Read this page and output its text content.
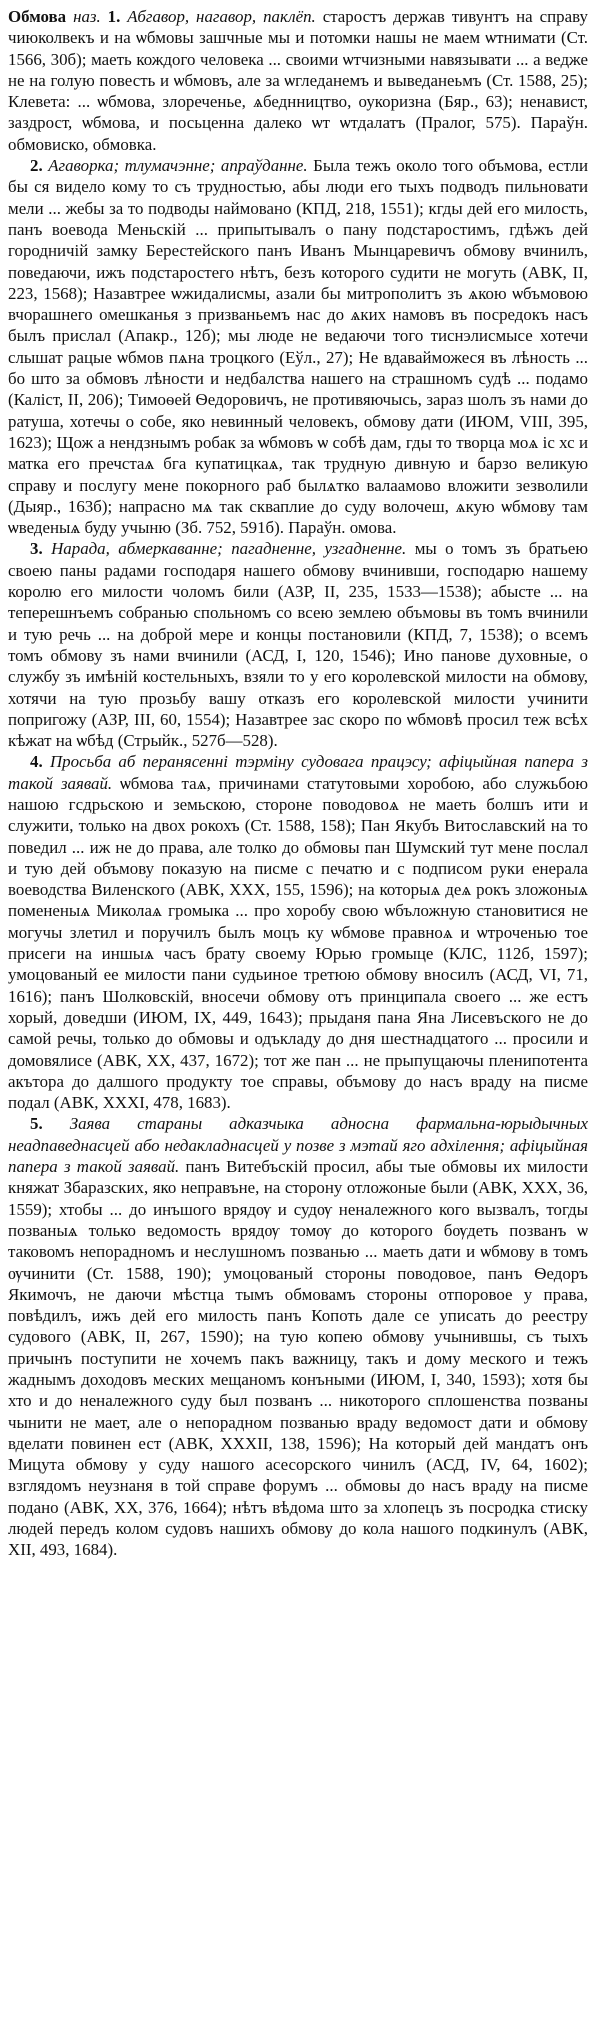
Обмова наз. 1. Абгавор, нагавор, паклёп. старостъ держав тивунтъ на справу чиюколвекъ и на ѡбмовы зашчные мы и потомки нашы не маем ѡтнимати (Ст. 1566, 30б); маеть кождого человека ... своими ѡтчизными навязывати ... а ведже не на голую повесть и ѡбмовъ, але за ѡгледанемъ и выведанеьмъ (Ст. 1588, 25); Клевета: ... ѡбмова, злореченье, ѧбеднництво, оукоризна (Бяр., 63); ненавист, заздрост, ѡбмова, и посьценна далеко ѡт ѡтдалатъ (Пралог, 575). Параўн. обмовиско, обмовка.

2. Агаворка; тлумачэнне; апраўданне. Была тежъ около того объмова, естли бы ся видело кому то съ трудностью, абы люди его тыхъ подводъ пильновати мели ... жебы за то подводы наймовано (КПД, 218, 1551); кгды дей его милость, панъ воевода Меньскій ... припытывалъ о пану подстаростимъ, гдѣжъ дей городничій замку Берестейского панъ Иванъ Мынцаревичъ обмову вчинилъ, поведаючи, ижъ подстаростего нѣтъ, безъ которого судити не могуть (АВК, II, 223, 1568); Назавтрее ѡжидалисмы, азали бы митрополитъ зъ ѧкою ѡбъмовою вчорашнего омешканья з призваньемъ нас до ѧких намовъ въ посредокъ насъ былъ прислал (Апакр., 12б); мы люде не ведаючи того тиснэлисмысе хотечи слышат рацые ѡбмов пѧна троцкого (Еўл., 27); Не вдавайможеся въ лѣность ... бо што за обмовъ лѣности и недбалства нашего на страшномъ судѣ ... подамо (Каліст, II, 206); Тимоѳей Ѳедоровичъ, не противяючысь, зараз шолъ зъ нами до ратуша, хотечы о собе, яко невинный человекъ, обмову дати (ИЮМ, VIII, 395, 1623); Щож а нендзнымъ робак за ѡбмовъ ѡ собѣ дам, гды то творца моѧ іс хс и матка его пречстаѧ бга купатицкаѧ, так трудную дивную и барзо великую справу и послугу мене покорного раб былѧтко валаамово вложити зезволили (Дыяр., 163б); напрасно мѧ так скваплие до суду волочеш, ѧкую ѡбмову там ѡведеныѧ буду учыню (Зб. 752, 591б). Параўн. омова.

3. Нарада, абмеркаванне; пагадненне, узгадненне. мы о томъ зъ братьею своею паны радами господаря нашего обмову вчинивши, господарю нашему королю его милости чоломъ били (АЗР, II, 235, 1533—1538); абысте ... на теперешнъемъ собранью спольномъ со всею землею объмовы въ томъ вчинили и тую речь ... на доброй мере и концы постановили (КПД, 7, 1538); о всемъ томъ обмову зъ нами вчинили (АСД, I, 120, 1546); Ино панове духовные, о службу зъ имѣній костельныхъ, взяли то у его королевской милости на обмову, хотячи на тую прозьбу вашу отказъ его королевской милости учинити попригожу (АЗР, III, 60, 1554); Назавтрее зас скоро по ѡбмовѣ просил теж всѣх кѣжат на ѡбѣд (Стрыйк., 527б—528).

4. Просьба аб перанясенні тэрміну судовага працэсу; афіцыйная папера з такой заявай. ѡбмова таѧ, причинами статутовыми хоробою, або служьбою нашою гсдрьскою и земьскою, стороне поводовоѧ не маеть болшъ ити и служити, только на двох рокохъ (Ст. 1588, 158); Пан Якубъ Витославский на то поведил ... иж не до права, але толко до обмовы пан Шумский тут мене послал и тую дей объмову показую на писме с печатю и с подписом руки енерала воеводства Виленского (АВК, XXX, 155, 1596); на которыѧ деѧ рокъ зложоныѧ помененыѧ Миколаѧ громыка ... про хоробу свою ѡбъложную становитися не могучы злетил и поручилъ былъ моцъ ку ѡбмове правноѧ и ѡтроченью тое присеги на иншыѧ часъ брату своему Юрью громыце (КЛС, 112б, 1597); умоцованый ее милости пани судьиное третюю обмову вносилъ (АСД, VI, 71, 1616); панъ Шолковскій, вносечи обмову отъ принципала своего ... же естъ хорый, доведши (ИЮМ, IX, 449, 1643); прыданя пана Яна Лисевъского не до самой речы, только до обмовы и одъкладу до дня шестнадцатого ... просили и домовялисе (АВК, XX, 437, 1672); тот же пан ... не прыпущаючы пленипотента акътора до далшого продукту тое справы, объмову до насъ враду на писме подал (АВК, XXXI, 478, 1683).

5. Заява стараны адказчыка адносна фармальна-юрыдычных неадпаведнасцей або недакладнасцей у позве з мэтай яго адхілення; афіцыйная папера з такой заявай. панъ Витебъскій просил, абы тые обмовы их милости княжат Збаразских, яко неправъне, на сторону отложоные были (АВК, XXX, 36, 1559); хтобы ... до инъшого врядѹ и судѹ неналежного кого вызвалъ, тогды позваныѧ только ведомость врядѹ томѹ до которого бѹдеть позванъ ѡ таковомъ непорадномъ и неслушномъ позванью ... маеть дати и ѡбмову в томъ ѹчинити (Ст. 1588, 190); умоцованый стороны поводовое, панъ Ѳедоръ Якимочъ, не даючи мѣстца тымъ обмовамъ стороны отпоровое у права, повѣдилъ, ижъ дей его милость панъ Копоть дале се уписать до реестру судового (АВК, II, 267, 1590); на тую копею обмову учынившы, съ тыхъ причынъ поступити не хочемъ пакъ важницу, такъ и дому меского и тежъ жаднымъ доходовъ меских мещаномъ конъными (ИЮМ, I, 340, 1593); хотя бы хто и до неналежного суду был позванъ ... никоторого сплошенства позваны чынити не мает, але о непорадном позванью враду ведомост дати и обмову вделати повинен ест (АВК, XXXII, 138, 1596); На который дей мандатъ онъ Мицута обмову у суду нашого асесорского чинилъ (АСД, IV, 64, 1602); взглядомъ неузнаня в той справе форумъ ... обмовы до насъ враду на писме подано (АВК, XX, 376, 1664); нѣтъ вѣдома што за хлопецъ зъ посродка стиску людей передъ колом судовъ нашихъ обмову до кола нашого подкинулъ (АВК, XII, 493, 1684).
